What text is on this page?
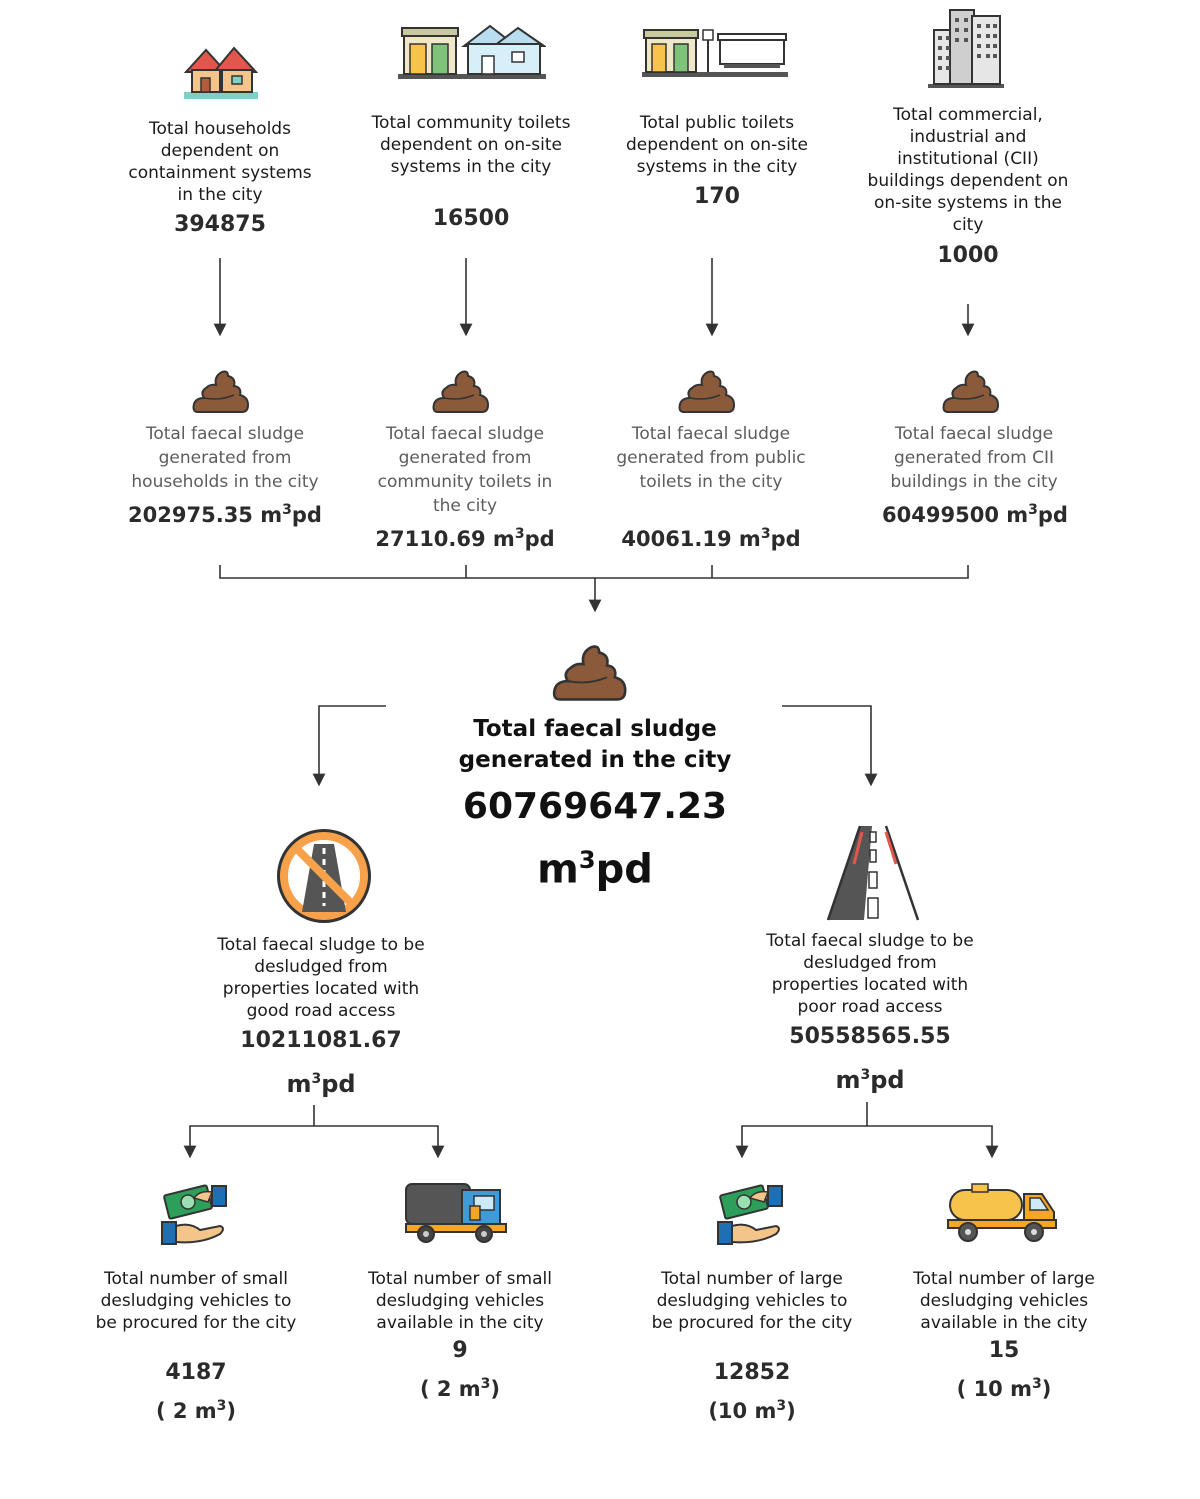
Total households dependent on containment systems in the city
394875
Total community toilets dependent on on-site systems in the city
16500
Total public toilets dependent on on-site systems in the city
170
Total commercial, industrial and institutional (CII) buildings dependent on on-site systems in the city
1000
Total faecal sludge generated from households in the city
202975.35 $m^3pd$
Total faecal sludge generated from community toilets in the city
27110.69 $m^3pd$
Total faecal sludge generated from public toilets in the city
40061.19 $m^3pd$
Total faecal sludge generated from CII buildings in the city
60499500 $m^3pd$
Total faecal sludge generated in the city
60769647.23
$m^3pd$
Total faecal sludge to be desludged from properties located with good road access
10211081.67
$m^3pd$
Total faecal sludge to be desludged from properties located with poor road access
50558565.55
$m^3pd$
Total number of small desludging vehicles to be procured for the city
4187
( 2 $m^3$)
Total number of small desludging vehicles available in the city
9
( 2 $m^3$)
Total number of large desludging vehicles to be procured for the city
12852
(10 $m^3$)
Total number of large desludging vehicles available in the city
15
( 10 $m^3$)
